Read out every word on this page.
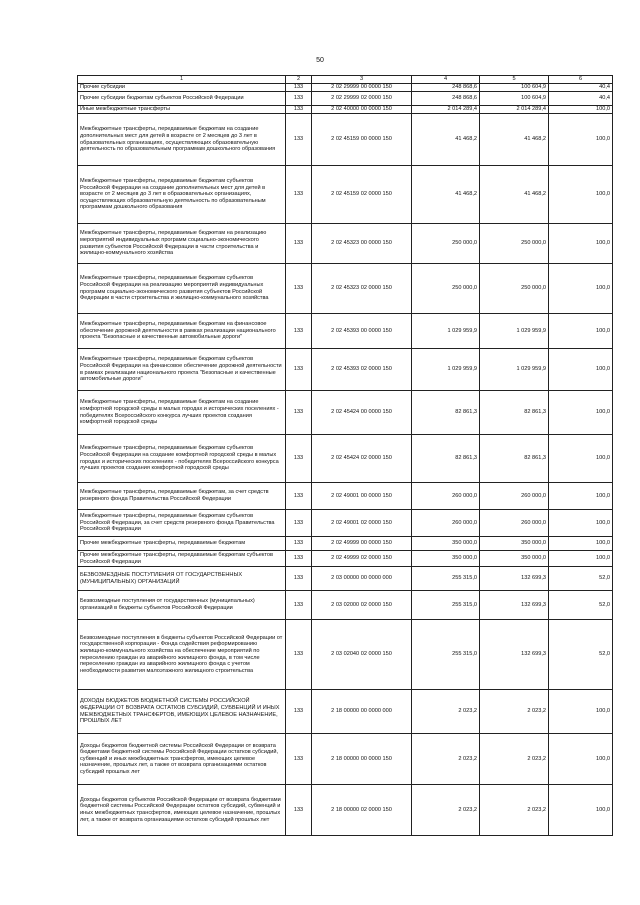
50
1	2	3	4	5	6
Прочие субсидии	133	2 02 29999 00 0000 150	248 868,6	100 604,9	40,4
Прочие субсидии бюджетам субъектов Российской Федерации	133	2 02 29999 02 0000 150	248 868,6	100 604,9	40,4
Иные межбюджетные трансферты	133	2 02 40000 00 0000 150	2 014 289,4	2 014 289,4	100,0
Межбюджетные трансферты, передаваемые бюджетам на создание дополнительных мест для детей в возрасте от 2 месяцев до 3 лет в образовательных организациях, осуществляющих образовательную деятельность по образовательным программам дошкольного образования	133	2 02 45159 00 0000 150	41 468,2	41 468,2	100,0
Межбюджетные трансферты, передаваемые бюджетам субъектов Российской Федерации на создание дополнительных мест для детей в возрасте от 2 месяцев до 3 лет в образовательных организациях, осуществляющих образовательную деятельность по образовательным программам дошкольного образования	133	2 02 45159 02 0000 150	41 468,2	41 468,2	100,0
Межбюджетные трансферты, передаваемые бюджетам на реализацию мероприятий индивидуальных программ социально-экономического развития субъектов Российской Федерации в части строительства и жилищно-коммунального хозяйства	133	2 02 45323 00 0000 150	250 000,0	250 000,0	100,0
Межбюджетные трансферты, передаваемые бюджетам субъектов Российской Федерации на реализацию мероприятий индивидуальных программ социально-экономического развития субъектов Российской Федерации в части строительства и жилищно-коммунального хозяйства	133	2 02 45323 02 0000 150	250 000,0	250 000,0	100,0
Межбюджетные трансферты, передаваемые бюджетам на финансовое обеспечение дорожной деятельности в рамках реализации национального проекта "Безопасные и качественные автомобильные дороги"	133	2 02 45393 00 0000 150	1 029 959,9	1 029 959,9	100,0
Межбюджетные трансферты, передаваемые бюджетам субъектов Российской Федерации на финансовое обеспечение дорожной деятельности в рамках реализации национального проекта "Безопасные и качественные автомобильные дороги"	133	2 02 45393 02 0000 150	1 029 959,9	1 029 959,9	100,0
Межбюджетные трансферты, передаваемые бюджетам на создание комфортной городской среды в малых городах и исторических поселениях - победителях Всероссийского конкурса лучших проектов создания комфортной городской среды	133	2 02 45424 00 0000 150	82 861,3	82 861,3	100,0
Межбюджетные трансферты, передаваемые бюджетам субъектов Российской Федерации на создание комфортной городской среды в малых городах и исторических поселениях - победителях Всероссийского конкурса лучших проектов создания комфортной городской среды	133	2 02 45424 02 0000 150	82 861,3	82 861,3	100,0
Межбюджетные трансферты, передаваемые бюджетам, за счет средств резервного фонда Правительства Российской Федерации	133	2 02 49001 00 0000 150	260 000,0	260 000,0	100,0
Межбюджетные трансферты, передаваемые бюджетам субъектов Российской Федерации, за счет средств резервного фонда Правительства Российской Федерации	133	2 02 49001 02 0000 150	260 000,0	260 000,0	100,0
Прочие межбюджетные трансферты, передаваемые бюджетам	133	2 02 49999 00 0000 150	350 000,0	350 000,0	100,0
Прочие межбюджетные трансферты, передаваемые бюджетам субъектов Российской Федерации	133	2 02 49999 02 0000 150	350 000,0	350 000,0	100,0
БЕЗВОЗМЕЗДНЫЕ ПОСТУПЛЕНИЯ ОТ ГОСУДАРСТВЕННЫХ (МУНИЦИПАЛЬНЫХ) ОРГАНИЗАЦИЙ	133	2 03 00000 00 0000 000	255 315,0	132 699,3	52,0
Безвозмездные поступления от государственных (муниципальных) организаций в бюджеты субъектов Российской Федерации	133	2 03 02000 02 0000 150	255 315,0	132 699,3	52,0
Безвозмездные поступления в бюджеты субъектов Российской Федерации от государственной корпорации - Фонда содействия реформированию жилищно-коммунального хозяйства на обеспечение мероприятий по переселению граждан из аварийного жилищного фонда, в том числе переселению граждан из аварийного жилищного фонда с учетом необходимости развития малоэтажного жилищного строительства	133	2 03 02040 02 0000 150	255 315,0	132 699,3	52,0
ДОХОДЫ БЮДЖЕТОВ БЮДЖЕТНОЙ СИСТЕМЫ РОССИЙСКОЙ ФЕДЕРАЦИИ ОТ ВОЗВРАТА ОСТАТКОВ СУБСИДИЙ, СУБВЕНЦИЙ И ИНЫХ МЕЖБЮДЖЕТНЫХ ТРАНСФЕРТОВ, ИМЕЮЩИХ ЦЕЛЕВОЕ НАЗНАЧЕНИЕ, ПРОШЛЫХ ЛЕТ	133	2 18 00000 00 0000 000	2 023,2	2 023,2	100,0
Доходы бюджетов бюджетной системы Российской Федерации от возврата бюджетами бюджетной системы Российской Федерации остатков субсидий, субвенций и иных межбюджетных трансфертов, имеющих целевое назначение, прошлых лет, а также от возврата организациями остатков субсидий прошлых лет	133	2 18 00000 00 0000 150	2 023,2	2 023,2	100,0
Доходы бюджетов субъектов Российской Федерации от возврата бюджетами бюджетной системы Российской Федерации остатков субсидий, субвенций и иных межбюджетных трансфертов, имеющих целевое назначение, прошлых лет, а также от возврата организациями остатков субсидий прошлых лет	133	2 18 00000 02 0000 150	2 023,2	2 023,2	100,0
